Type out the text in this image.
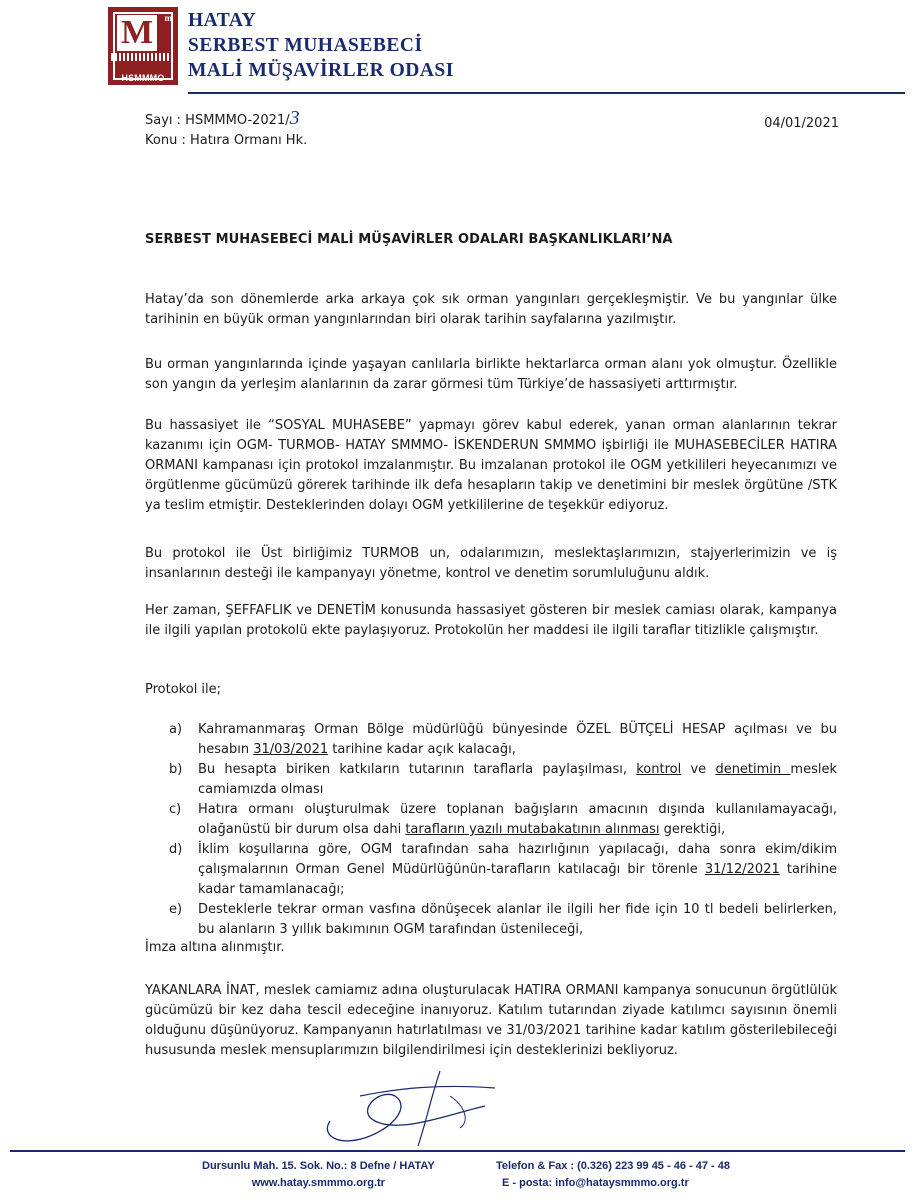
M	m
HSMMMO
HATAY
SERBEST MUHASEBECİ
MALİ MÜŞAVİRLER ODASI
Sayı : HSMMMO-2021/3
Konu : Hatıra Ormanı Hk.
04/01/2021
SERBEST MUHASEBECİ MALİ MÜŞAVİRLER ODALARI BAŞKANLIKLARI’NA
Hatay’da son dönemlerde arka arkaya çok sık orman yangınları gerçekleşmiştir. Ve bu yangınlar ülke tarihinin en büyük orman yangınlarından biri olarak tarihin sayfalarına yazılmıştır.
Bu orman yangınlarında içinde yaşayan canlılarla birlikte hektarlarca orman alanı yok olmuştur. Özellikle son yangın da yerleşim alanlarının da zarar görmesi tüm Türkiye’de hassasiyeti arttırmıştır.
Bu hassasiyet ile “SOSYAL MUHASEBE” yapmayı görev kabul ederek, yanan orman alanlarının tekrar kazanımı için OGM- TURMOB- HATAY SMMMO- İSKENDERUN SMMMO işbirliği ile MUHASEBECİLER HATIRA ORMANI kampanası için protokol imzalanmıştır. Bu imzalanan protokol ile OGM yetkilileri heyecanımızı ve örgütlenme gücümüzü görerek tarihinde ilk defa hesapların takip ve denetimini bir meslek örgütüne /STK ya teslim etmiştir. Desteklerinden dolayı OGM yetkililerine de teşekkür ediyoruz.
Bu protokol ile Üst birliğimiz TURMOB un, odalarımızın, meslektaşlarımızın, stajyerlerimizin ve iş insanlarının desteği ile kampanyayı yönetme, kontrol ve denetim sorumluluğunu aldık.
Her zaman, ŞEFFAFLIK ve DENETİM konusunda hassasiyet gösteren bir meslek camiası olarak, kampanya ile ilgili yapılan protokolü ekte paylaşıyoruz. Protokolün her maddesi ile ilgili taraflar titizlikle çalışmıştır.
Protokol ile;
a) Kahramanmaraş Orman Bölge müdürlüğü bünyesinde ÖZEL BÜTÇELİ HESAP açılması ve bu hesabın 31/03/2021 tarihine kadar açık kalacağı,
b) Bu hesapta biriken katkıların tutarının taraflarla paylaşılması, kontrol ve denetimin meslek camiamızda olması
c) Hatıra ormanı oluşturulmak üzere toplanan bağışların amacının dışında kullanılamayacağı, olağanüstü bir durum olsa dahi tarafların yazılı mutabakatının alınması gerektiği,
d) İklim koşullarına göre, OGM tarafından saha hazırlığının yapılacağı, daha sonra ekim/dikim çalışmalarının Orman Genel Müdürlüğünün-tarafların katılacağı bir törenle 31/12/2021 tarihine kadar tamamlanacağı;
e) Desteklerle tekrar orman vasfına dönüşecek alanlar ile ilgili her fide için 10 tl bedeli belirlerken, bu alanların 3 yıllık bakımının OGM tarafından üstenileceği,
İmza altına alınmıştır.
YAKANLARA İNAT, meslek camiamız adına oluşturulacak HATIRA ORMANI kampanya sonucunun örgütlülük gücümüzü bir kez daha tescil edeceğine inanıyoruz. Katılım tutarından ziyade katılımcı sayısının önemli olduğunu düşünüyoruz. Kampanyanın hatırlatılması ve 31/03/2021 tarihine kadar katılım gösterilebileceği hususunda meslek mensuplarımızın bilgilendirilmesi için desteklerinizi bekliyoruz.
Dursunlu Mah. 15. Sok. No.: 8 Defne / HATAY
www.hatay.smmmo.org.tr
Telefon & Fax : (0.326) 223 99 45 - 46 - 47 - 48
E - posta: info@hataysmmmo.org.tr
